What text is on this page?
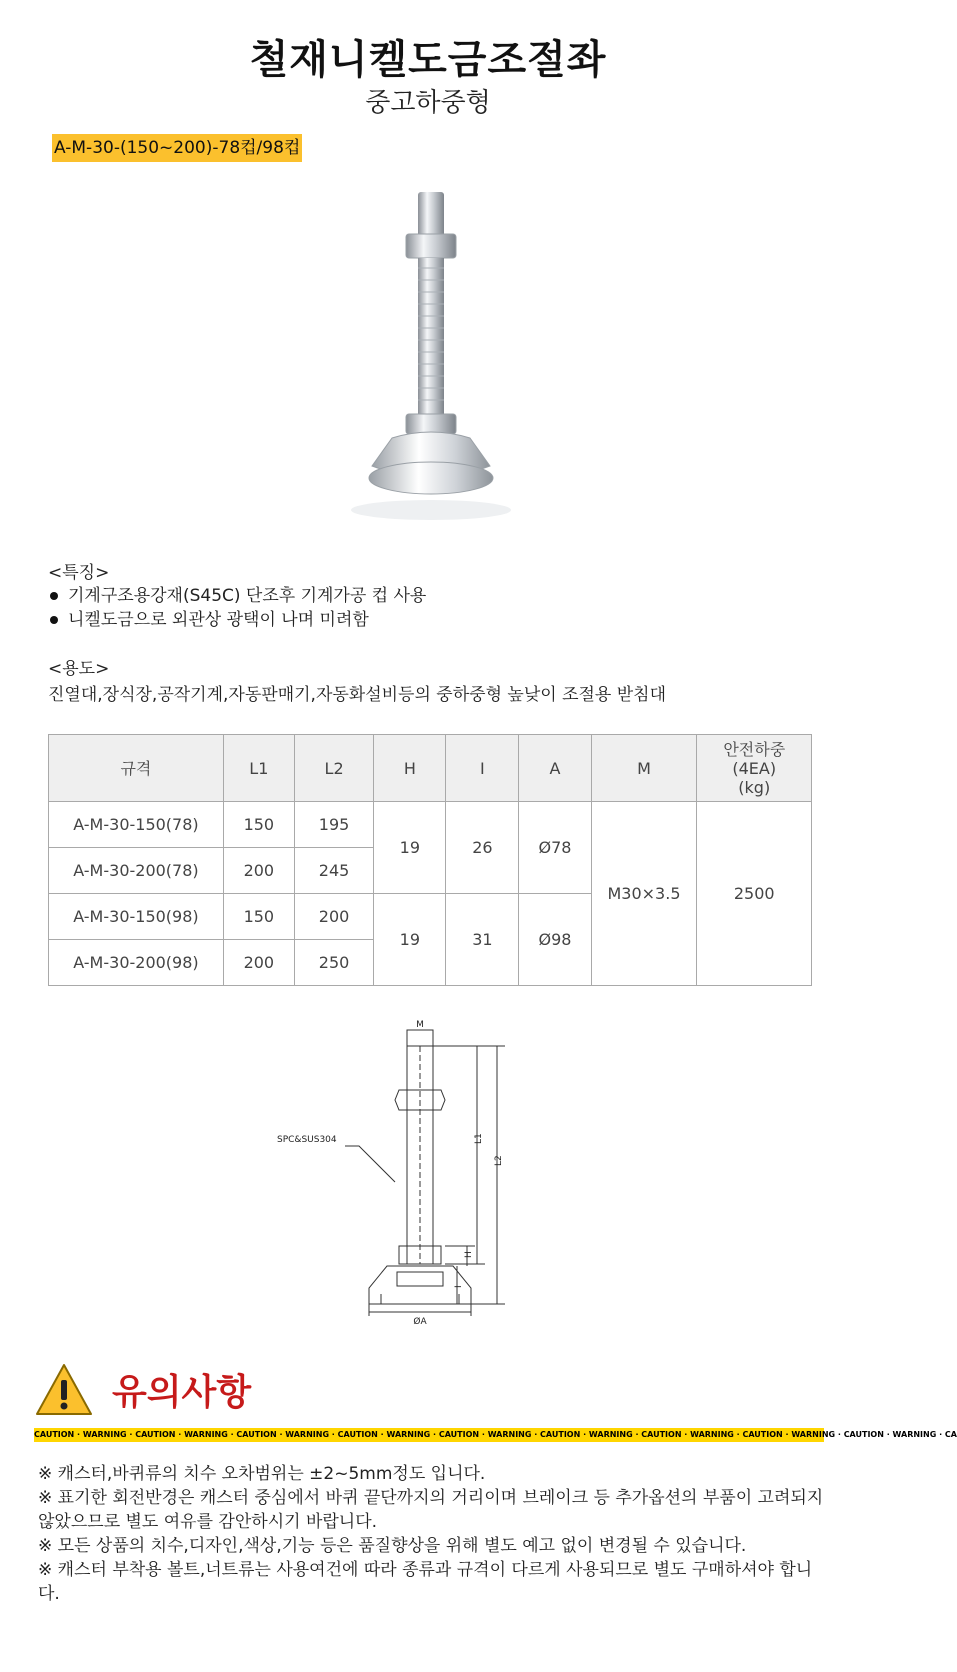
철재니켈도금조절좌
중고하중형
A-M-30-(150~200)-78컵/98컵
<특징>
기계구조용강재(S45C) 단조후 기계가공 컵 사용
니켈도금으로 외관상 광택이 나며 미려함
<용도>
진열대,장식장,공작기계,자동판매기,자동화설비등의 중하중형 높낮이 조절용 받침대
규격	L1	L2	H	I	A	M	안전하중
(4EA)
(kg)

A-M-30-150(78)	150	195	19	26	Ø78	M30×3.5	2500
A-M-30-200(78)	200	245					
A-M-30-150(98)	150	200	19	31	Ø98		
A-M-30-200(98)	200	250					
M
L1
L2
H
I
ØA
SPC&SUS304
유의사항
CAUTION · WARNING · CAUTION · WARNING · CAUTION · WARNING · CAUTION · WARNING · CAUTION · WARNING · CAUTION · WARNING · CAUTION · WARNING · CAUTION · WARNING · CAUTION · WARNING · CA

※ 캐스터,바퀴류의 치수 오차범위는 ±2~5mm정도 입니다.

※ 표기한 회전반경은 캐스터 중심에서 바퀴 끝단까지의 거리이며 브레이크 등 추가옵션의 부품이 고려되지 않았으므로 별도 여유를 감안하시기 바랍니다.

※ 모든 상품의 치수,디자인,색상,기능 등은 품질향상을 위해 별도 예고 없이 변경될 수 있습니다.

※ 캐스터 부착용 볼트,너트류는 사용여건에 따라 종류과 규격이 다르게 사용되므로 별도 구매하셔야 합니다.
